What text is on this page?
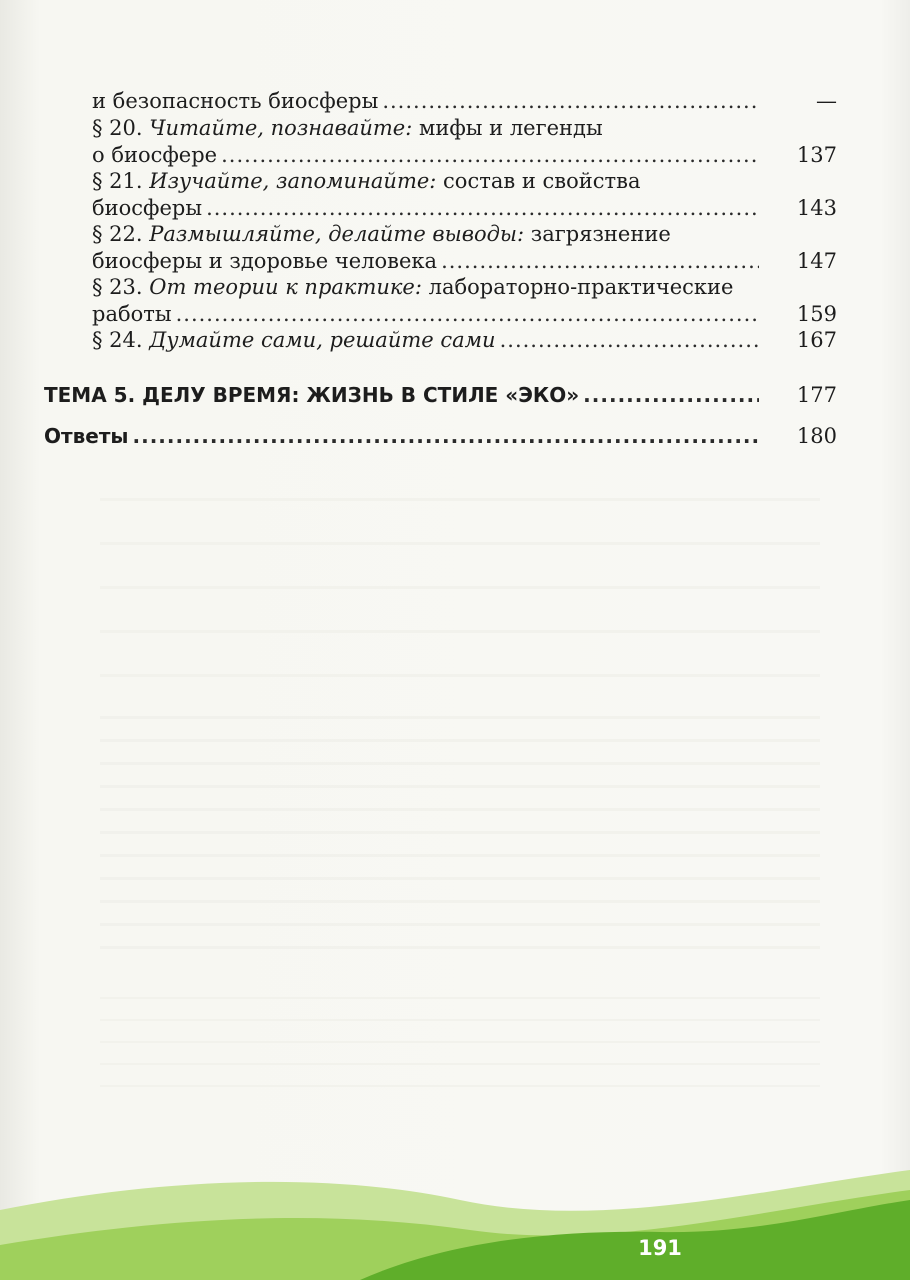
и безопасность биосферы .....	—
§ 20. Читайте, познавайте: мифы и легенды
о биосфере .....	137
§ 21. Изучайте, запоминайте: состав и свойства
биосферы .....	143
§ 22. Размышляйте, делайте выводы: загрязнение
биосферы и здоровье человека .....	147
§ 23. От теории к практике: лабораторно-практические
работы .....	159
§ 24. Думайте сами, решайте сами .....	167
ТЕМА 5. ДЕЛУ ВРЕМЯ: ЖИЗНЬ В СТИЛЕ «ЭКО» .....	177
Ответы .....	180
191
